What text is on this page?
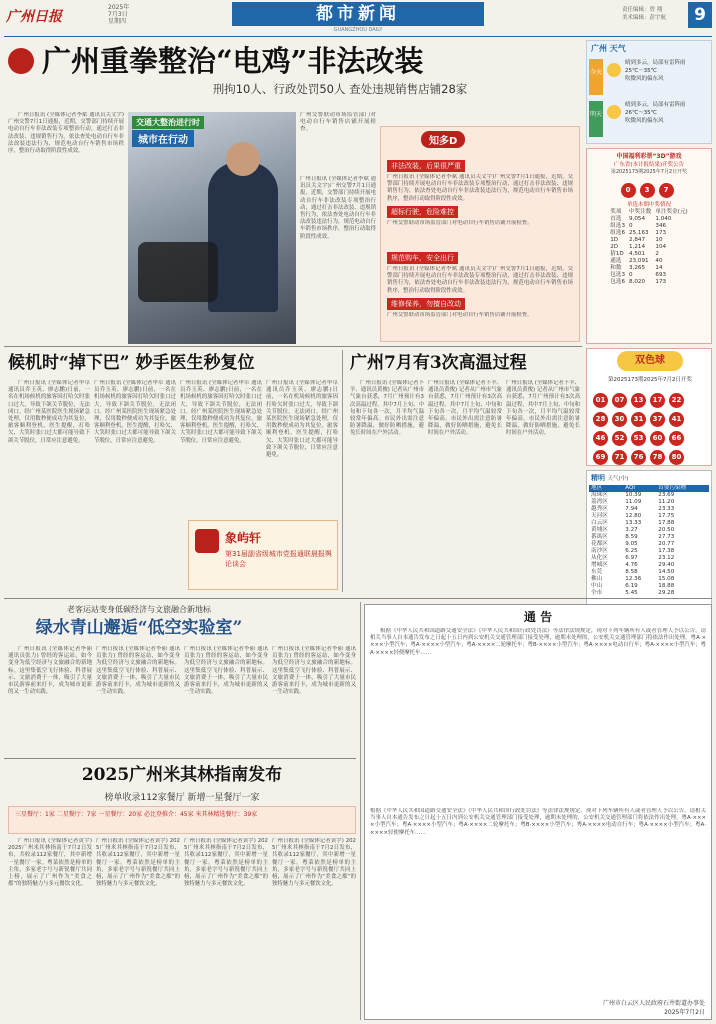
广州日报
2025年
7月3日
星期四	都市新闻
GUANGZHOU DAILY
责任编辑：曾 翔
美术编辑：彭宇航	9
广州重拳整治“电鸡”非法改装
刑拘10人、行政处罚50人 查处违规销售店铺28家
广州日报讯 (全媒体记者李斌 通讯员关文宇)广州交警7月1日通报，近期，交警部门持续开展电动自行车非法改装专项整治行动，通过打击非法改装、违规销售行为，依法查处电动自行车非法改装违法行为，规范电动自行车销售市场秩序，整治行动取得阶段性成效。
交通大整治进行时
城市在行动
广州交警联动市场监管部门对电动自行车销售店铺开展检查。
广州日报讯 (全媒体记者李斌 通讯员关文宇)广州交警7月1日通报，近期，交警部门持续开展电动自行车非法改装专项整治行动，通过打击非法改装、违规销售行为，依法查处电动自行车非法改装违法行为，规范电动自行车销售市场秩序，整治行动取得阶段性成效。
知多D
非法改装，后果很严重
广州日报讯 (全媒体记者李斌 通讯员关文宇)广州交警7月1日通报，近期，交警部门持续开展电动自行车非法改装专项整治行动，通过打击非法改装、违规销售行为，依法查处电动自行车非法改装违法行为，规范电动自行车销售市场秩序，整治行动取得阶段性成效。
超标行驶，危险难控
广州交警联动市场监管部门对电动自行车销售店铺开展检查。
规范购车，安全出行
广州日报讯 (全媒体记者李斌 通讯员关文宇)广州交警7月1日通报，近期，交警部门持续开展电动自行车非法改装专项整治行动，通过打击非法改装、违规销售行为，依法查处电动自行车非法改装违法行为，规范电动自行车销售市场秩序，整治行动取得阶段性成效。
维修保养，勿擅自改动
广州交警联动市场监管部门对电动自行车销售店铺开展检查。
广州 天气
今天
晴到多云，局部有雷阵雨
25℃～35℃
吹微风的偏东风
明天
晴到多云，局部有雷阵雨
26℃～35℃
吹微风的偏东风
中国福利彩票“3D”游戏
广东省(本计报结果)开奖公告
第2025173期2025年7月2日开奖
0 3 7
单选本期中奖情况
奖项	中奖注数	单注奖金(元)
直选	9,054	1,040
组选3	0	346
组选6	25,163	173
1D	2,847	10
2D	1,214	104
猜1D	4,501	2
通选	23,091	40
和数	3,265	14
包选3	0	693
包选6	8,020	173
双色球
第2025173期2025年7月2日开奖
01 07 13 17 22
28 30 31 37 41
46 52 53 60 66
69 71 76 78 80
精明 天气(中)
地区	AQI	首要污染物
海珠区	10.39	23.69
荔湾区	11.09	11.20
越秀区	7.94	23.33
天河区	12.80	17.75
白云区	13.33	17.88
黄埔区	3.27	20.50
番禺区	8.59	27.73
花都区	9.05	20.77
南沙区	6.25	17.38
从化区	6.97	23.12
增城区	4.76	29.40
东莞	8.58	14.50
佛山	12.36	15.08
中山	6.19	18.88
全市	5.45	29.28
候机时“掉下巴” 妙手医生秒复位
广州日报讯 (全媒体记者申卓 通讯员乔玉英、廖志鹏)日前，一名在机场候机的旅客因打哈欠时张口过大，导致下颌关节脱位，无法闭口。经广州某医院医生现场紧急处理，仅用数秒便成功为其复位，旅客顺利登机。医生提醒，打哈欠、大笑时张口过大都可能导致下颌关节脱位，日常应注意避免。
广州日报讯 (全媒体记者申卓 通讯员乔玉英、廖志鹏)日前，一名在机场候机的旅客因打哈欠时张口过大，导致下颌关节脱位，无法闭口。经广州某医院医生现场紧急处理，仅用数秒便成功为其复位，旅客顺利登机。医生提醒，打哈欠、大笑时张口过大都可能导致下颌关节脱位，日常应注意避免。
广州日报讯 (全媒体记者申卓 通讯员乔玉英、廖志鹏)日前，一名在机场候机的旅客因打哈欠时张口过大，导致下颌关节脱位，无法闭口。经广州某医院医生现场紧急处理，仅用数秒便成功为其复位，旅客顺利登机。医生提醒，打哈欠、大笑时张口过大都可能导致下颌关节脱位，日常应注意避免。
广州日报讯 (全媒体记者申卓 通讯员乔玉英、廖志鹏)日前，一名在机场候机的旅客因打哈欠时张口过大，导致下颌关节脱位，无法闭口。经广州某医院医生现场紧急处理，仅用数秒便成功为其复位，旅客顺利登机。医生提醒，打哈欠、大笑时张口过大都可能导致下颌关节脱位，日常应注意避免。
象屿轩
第31届副省级城市党报通联晨报舆论谈会
广州7月有3次高温过程
广州日报讯 (全媒体记者卜羊、通讯员黄俊) 记者从广州市气象台获悉，7月广州预计有3次高温过程，其中7月上旬、中旬和下旬各一次，月平均气温较常年偏高。市民外出需注意防暑降温，做好防晒措施，避免长时间在户外活动。
广州日报讯 (全媒体记者卜羊、通讯员黄俊) 记者从广州市气象台获悉，7月广州预计有3次高温过程，其中7月上旬、中旬和下旬各一次，月平均气温较常年偏高。市民外出需注意防暑降温，做好防晒措施，避免长时间在户外活动。
广州日报讯 (全媒体记者卜羊、通讯员黄俊) 记者从广州市气象台获悉，7月广州预计有3次高温过程，其中7月上旬、中旬和下旬各一次，月平均气温较常年偏高。市民外出需注意防暑降温，做好防晒措施，避免长时间在户外活动。
老客运站变身低碳经济与文旅融合新地标
绿水青山邂逅“低空实验室”
广州日报讯 (全媒体记者李丽 通讯员张力) 曾经的客运站，如今变身为低空经济与文旅融合的新地标。这里集低空飞行体验、科普展示、文旅消费于一体，吸引了大量市民游客前来打卡，成为城市更新的又一生动实践。
广州日报讯 (全媒体记者李丽 通讯员张力) 曾经的客运站，如今变身为低空经济与文旅融合的新地标。这里集低空飞行体验、科普展示、文旅消费于一体，吸引了大量市民游客前来打卡，成为城市更新的又一生动实践。
广州日报讯 (全媒体记者李丽 通讯员张力) 曾经的客运站，如今变身为低空经济与文旅融合的新地标。这里集低空飞行体验、科普展示、文旅消费于一体，吸引了大量市民游客前来打卡，成为城市更新的又一生动实践。
广州日报讯 (全媒体记者李丽 通讯员张力) 曾经的客运站，如今变身为低空经济与文旅融合的新地标。这里集低空飞行体验、科普展示、文旅消费于一体，吸引了大量市民游客前来打卡，成为城市更新的又一生动实践。
2025广州米其林指南发布
榜单收录112家餐厅 新增一星餐厅一家
三星餐厅：1家 二星餐厅：7家 一星餐厅：20家 必比登推介：45家 米其林精选餐厅：39家
广州日报讯 (全媒体记者黄宇) 2025广州米其林指南于7月2日发布，共收录112家餐厅，其中新增一星餐厅一家。粤菜依然是榜单的主角，多家老字号与新锐餐厅共同上榜，展示了广州作为“美食之都”的独特魅力与多元餐饮文化。
广州日报讯 (全媒体记者黄宇) 2025广州米其林指南于7月2日发布，共收录112家餐厅，其中新增一星餐厅一家。粤菜依然是榜单的主角，多家老字号与新锐餐厅共同上榜，展示了广州作为“美食之都”的独特魅力与多元餐饮文化。
广州日报讯 (全媒体记者黄宇) 2025广州米其林指南于7月2日发布，共收录112家餐厅，其中新增一星餐厅一家。粤菜依然是榜单的主角，多家老字号与新锐餐厅共同上榜，展示了广州作为“美食之都”的独特魅力与多元餐饮文化。
广州日报讯 (全媒体记者黄宇) 2025广州米其林指南于7月2日发布，共收录112家餐厅，其中新增一星餐厅一家。粤菜依然是榜单的主角，多家老字号与新锐餐厅共同上榜，展示了广州作为“美食之都”的独特魅力与多元餐饮文化。
通 告
根据《中华人民共和国道路交通安全法》《中华人民共和国行政处罚法》等法律法规规定，现对下列车辆所有人或者管理人予以公告。请相关当事人自本通告发布之日起十五日内到公安机关交通管理部门接受处理，逾期未处理的，公安机关交通管理部门将依法作出处理。粤A·××××小型汽车；粤A·××××小型汽车；粤A·××××二轮摩托车；粤B·××××小型汽车；粤A·××××电动自行车；粤A·××××小型汽车；粤A·××××轻便摩托车……
根据《中华人民共和国道路交通安全法》《中华人民共和国行政处罚法》等法律法规规定，现对下列车辆所有人或者管理人予以公告。请相关当事人自本通告发布之日起十五日内到公安机关交通管理部门接受处理，逾期未处理的，公安机关交通管理部门将依法作出处理。粤A·××××小型汽车；粤A·××××小型汽车；粤A·××××二轮摩托车；粤B·××××小型汽车；粤A·××××电动自行车；粤A·××××小型汽车；粤A·××××轻便摩托车……
广州市白云区人民政府石井街道办事处
2025年7月2日
